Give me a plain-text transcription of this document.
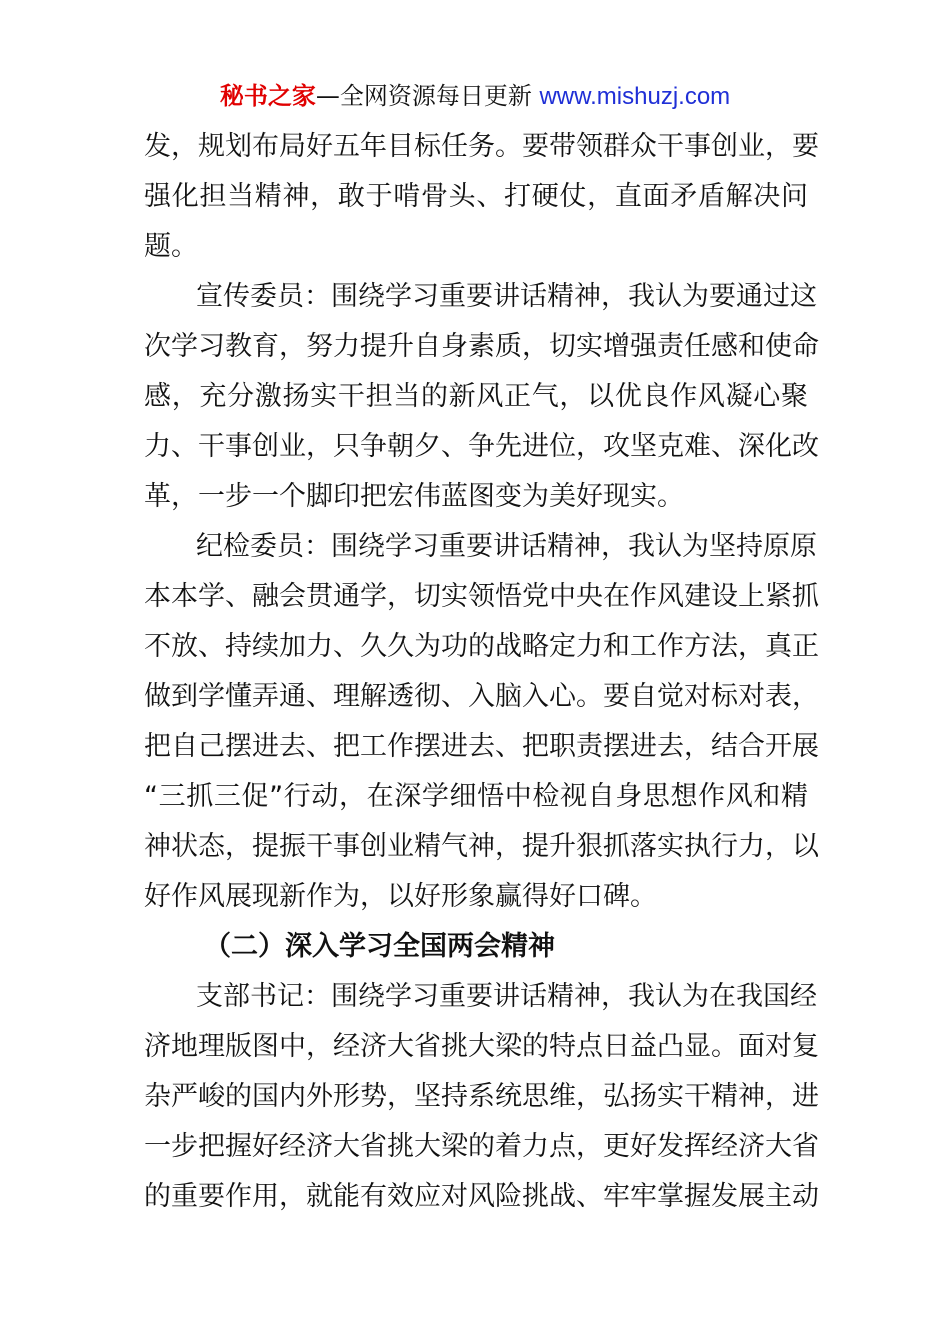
秘书之家—全网资源每日更新 www.mishuzj.com
发，规划布局好五年目标任务。要带领群众干事创业，要
强化担当精神，敢于啃骨头、打硬仗，直面矛盾解决问
题。
宣传委员：围绕学习重要讲话精神，我认为要通过这
次学习教育，努力提升自身素质，切实增强责任感和使命
感，充分激扬实干担当的新风正气，以优良作风凝心聚
力、干事创业，只争朝夕、争先进位，攻坚克难、深化改
革，一步一个脚印把宏伟蓝图变为美好现实。
纪检委员：围绕学习重要讲话精神，我认为坚持原原
本本学、融会贯通学，切实领悟党中央在作风建设上紧抓
不放、持续加力、久久为功的战略定力和工作方法，真正
做到学懂弄通、理解透彻、入脑入心。要自觉对标对表，
把自己摆进去、把工作摆进去、把职责摆进去，结合开展
“三抓三促”行动，在深学细悟中检视自身思想作风和精
神状态，提振干事创业精气神，提升狠抓落实执行力，以
好作风展现新作为，以好形象赢得好口碑。
（二）深入学习全国两会精神
支部书记：围绕学习重要讲话精神，我认为在我国经
济地理版图中，经济大省挑大梁的特点日益凸显。面对复
杂严峻的国内外形势，坚持系统思维，弘扬实干精神，进
一步把握好经济大省挑大梁的着力点，更好发挥经济大省
的重要作用，就能有效应对风险挑战、牢牢掌握发展主动
